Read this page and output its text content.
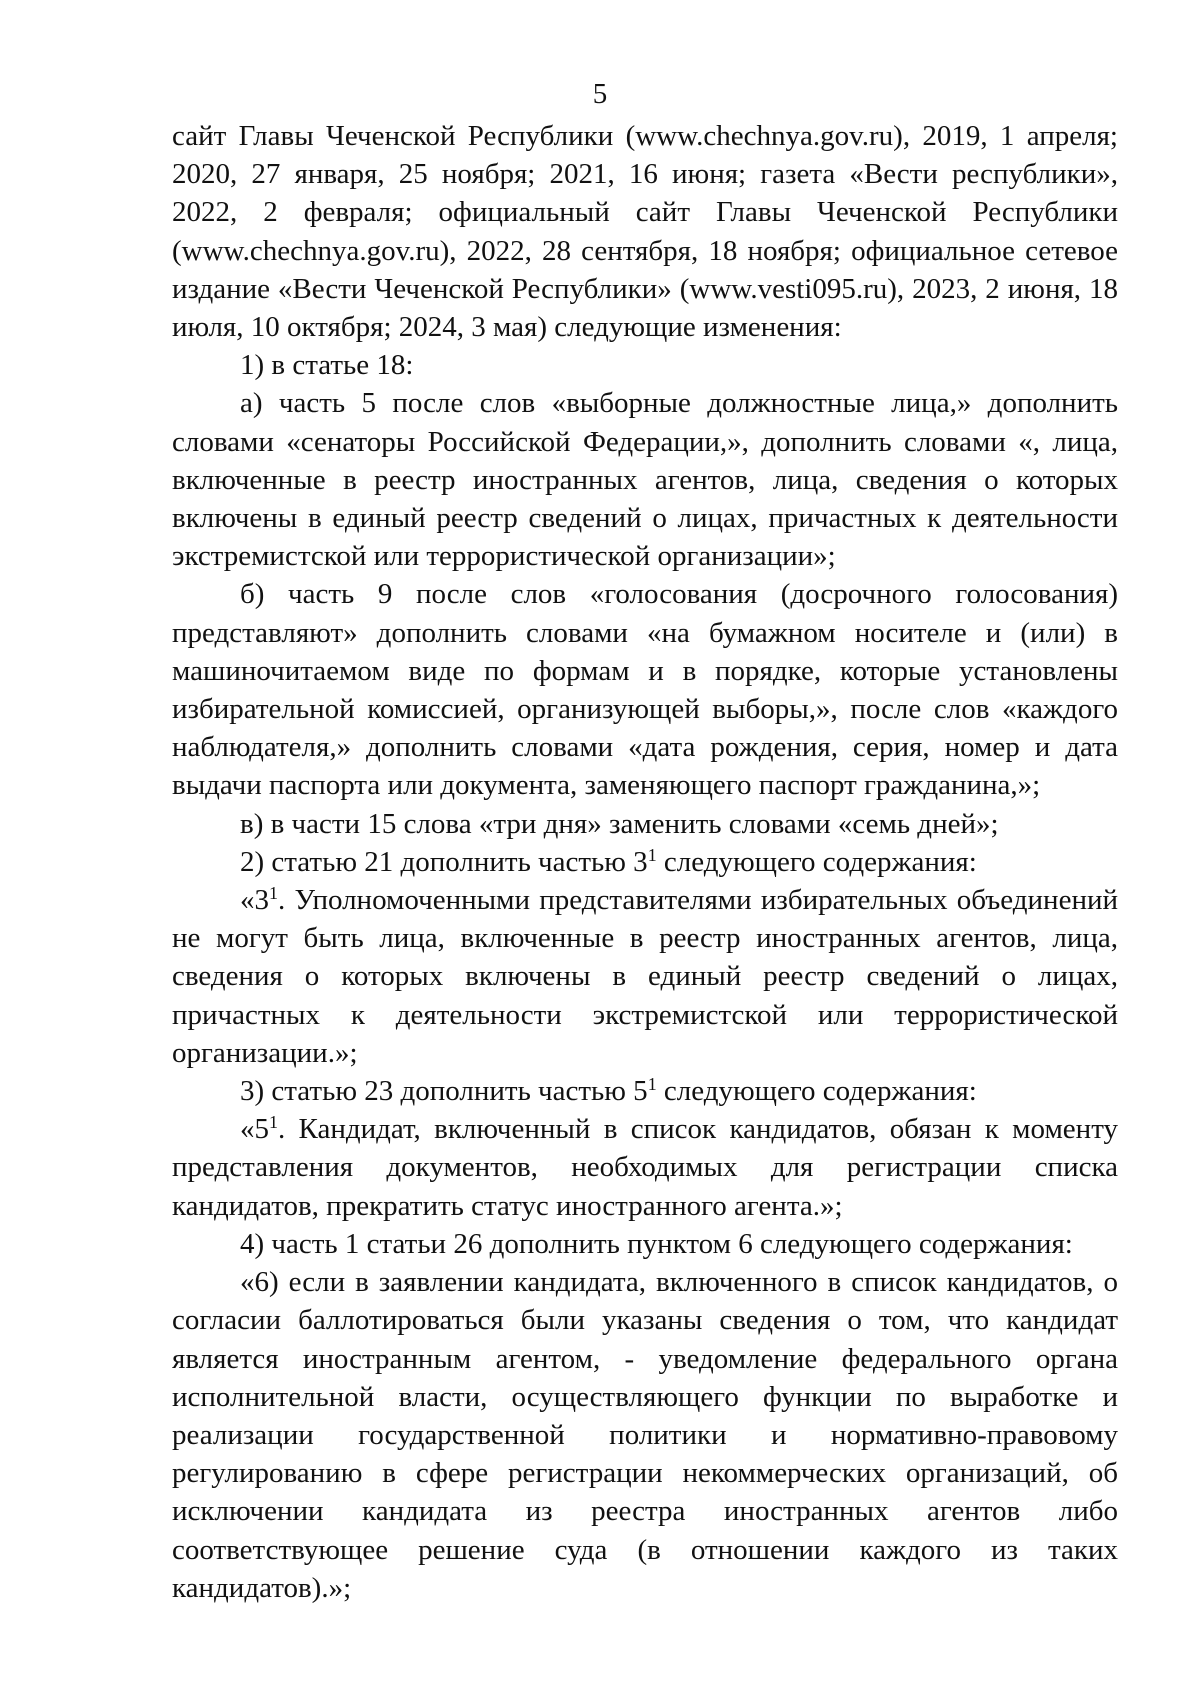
5

сайт Главы Чеченской Республики (www.chechnya.gov.ru), 2019, 1 апреля; 2020, 27 января, 25 ноября; 2021, 16 июня; газета «Вести республики», 2022, 2 февраля; официальный сайт Главы Чеченской Республики (www.chechnya.gov.ru), 2022, 28 сентября, 18 ноября; официальное сетевое издание «Вести Чеченской Республики» (www.vesti095.ru), 2023, 2 июня, 18 июля, 10 октября; 2024, 3 мая) следующие изменения:

1) в статье 18:

а) часть 5 после слов «выборные должностные лица,» дополнить словами «сенаторы Российской Федерации,», дополнить словами «, лица, включенные в реестр иностранных агентов, лица, сведения о которых включены в единый реестр сведений о лицах, причастных к деятельности экстремистской или террористической организации»;

б) часть 9 после слов «голосования (досрочного голосования) представляют» дополнить словами «на бумажном носителе и (или) в машиночитаемом виде по формам и в порядке, которые установлены избирательной комиссией, организующей выборы,», после слов «каждого наблюдателя,» дополнить словами «дата рождения, серия, номер и дата выдачи паспорта или документа, заменяющего паспорт гражданина,»;

в) в части 15 слова «три дня» заменить словами «семь дней»;

2) статью 21 дополнить частью $3^1$ следующего содержания:

«$3^1$. Уполномоченными представителями избирательных объединений не могут быть лица, включенные в реестр иностранных агентов, лица, сведения о которых включены в единый реестр сведений о лицах, причастных к деятельности экстремистской или террористической организации.»;

3) статью 23 дополнить частью $5^1$ следующего содержания:

«$5^1$. Кандидат, включенный в список кандидатов, обязан к моменту представления документов, необходимых для регистрации списка кандидатов, прекратить статус иностранного агента.»;

4) часть 1 статьи 26 дополнить пунктом 6 следующего содержания:

«6) если в заявлении кандидата, включенного в список кандидатов, о согласии баллотироваться были указаны сведения о том, что кандидат является иностранным агентом, - уведомление федерального органа исполнительной власти, осуществляющего функции по выработке и реализации государственной политики и нормативно-правовому регулированию в сфере регистрации некоммерческих организаций, об исключении кандидата из реестра иностранных агентов либо соответствующее решение суда (в отношении каждого из таких кандидатов).»;
